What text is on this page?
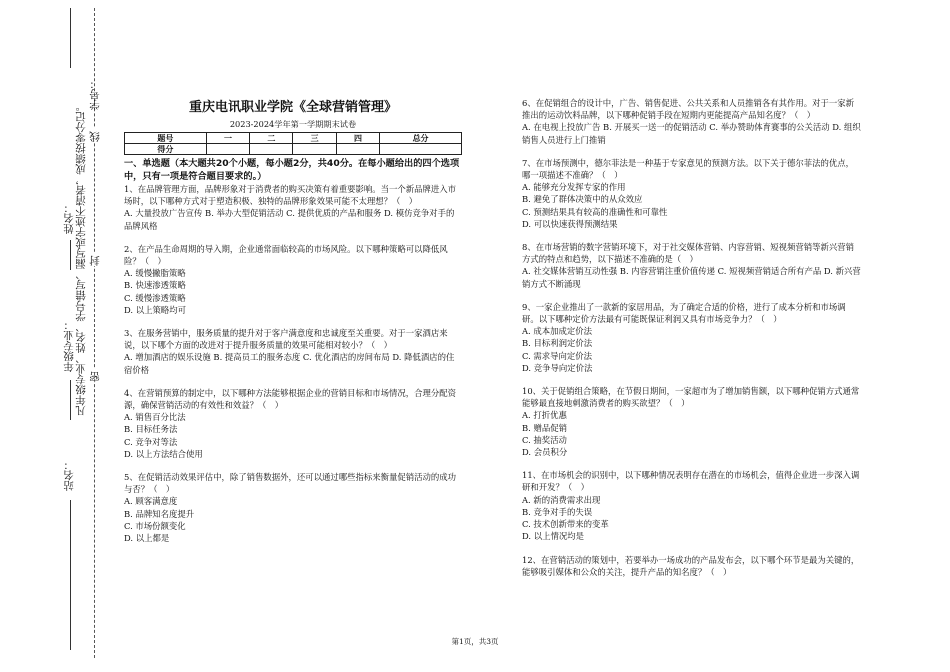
学号：
线
封
密
凡年级专业、姓名、学号错写、漏写或字迹不清者，成绩按零分记。
姓名：
年级专业：
站名：
重庆电讯职业学院《全球营销管理》
2023-2024学年第一学期期末试卷
题号	一	二	三	四	总分
得分					
一、单选题（本大题共20个小题，每小题2分，共40分。在每小题给出的四个选项中，只有一项是符合题目要求的。）

1、在品牌管理方面，品牌形象对于消费者的购买决策有着重要影响。当一个新品牌进入市场时，以下哪种方式对于塑造积极、独特的品牌形象效果可能不太理想？（　）

A. 大量投放广告宣传 B. 举办大型促销活动 C. 提供优质的产品和服务 D. 模仿竞争对手的品牌风格

2、在产品生命周期的导入期，企业通常面临较高的市场风险。以下哪种策略可以降低风险？（　）

A. 缓慢撇脂策略

B. 快速渗透策略

C. 缓慢渗透策略

D. 以上策略均可

3、在服务营销中，服务质量的提升对于客户满意度和忠诚度至关重要。对于一家酒店来说，以下哪个方面的改进对于提升服务质量的效果可能相对较小？（　）

A. 增加酒店的娱乐设施 B. 提高员工的服务态度 C. 优化酒店的房间布局 D. 降低酒店的住宿价格

4、在营销预算的制定中，以下哪种方法能够根据企业的营销目标和市场情况，合理分配资源，确保营销活动的有效性和效益？（　）

A. 销售百分比法

B. 目标任务法

C. 竞争对等法

D. 以上方法结合使用

5、在促销活动效果评估中，除了销售数据外，还可以通过哪些指标来衡量促销活动的成功与否？（　）

A. 顾客满意度

B. 品牌知名度提升

C. 市场份额变化

D. 以上都是

6、在促销组合的设计中，广告、销售促进、公共关系和人员推销各有其作用。对于一家新推出的运动饮料品牌，以下哪种促销手段在短期内更能提高产品知名度？（　）

A. 在电视上投放广告 B. 开展买一送一的促销活动 C. 举办赞助体育赛事的公关活动 D. 组织销售人员进行上门推销

7、在市场预测中，德尔菲法是一种基于专家意见的预测方法。以下关于德尔菲法的优点，哪一项描述不准确？（　）

A. 能够充分发挥专家的作用

B. 避免了群体决策中的从众效应

C. 预测结果具有较高的准确性和可靠性

D. 可以快速获得预测结果

8、在市场营销的数字营销环境下，对于社交媒体营销、内容营销、短视频营销等新兴营销方式的特点和趋势，以下描述不准确的是（　）

A. 社交媒体营销互动性强 B. 内容营销注重价值传递 C. 短视频营销适合所有产品 D. 新兴营销方式不断涌现

9、一家企业推出了一款新的家居用品，为了确定合适的价格，进行了成本分析和市场调研。以下哪种定价方法最有可能既保证利润又具有市场竞争力？（　）

A. 成本加成定价法

B. 目标利润定价法

C. 需求导向定价法

D. 竞争导向定价法

10、关于促销组合策略，在节假日期间，一家超市为了增加销售额，以下哪种促销方式通常能够最直接地刺激消费者的购买欲望？（　）

A. 打折优惠

B. 赠品促销

C. 抽奖活动

D. 会员积分

11、在市场机会的识别中，以下哪种情况表明存在潜在的市场机会，值得企业进一步深入调研和开发？（　）

A. 新的消费需求出现

B. 竞争对手的失误

C. 技术创新带来的变革

D. 以上情况均是

12、在营销活动的策划中，若要举办一场成功的产品发布会，以下哪个环节是最为关键的，能够吸引媒体和公众的关注，提升产品的知名度？（　）

第1页，共3页
